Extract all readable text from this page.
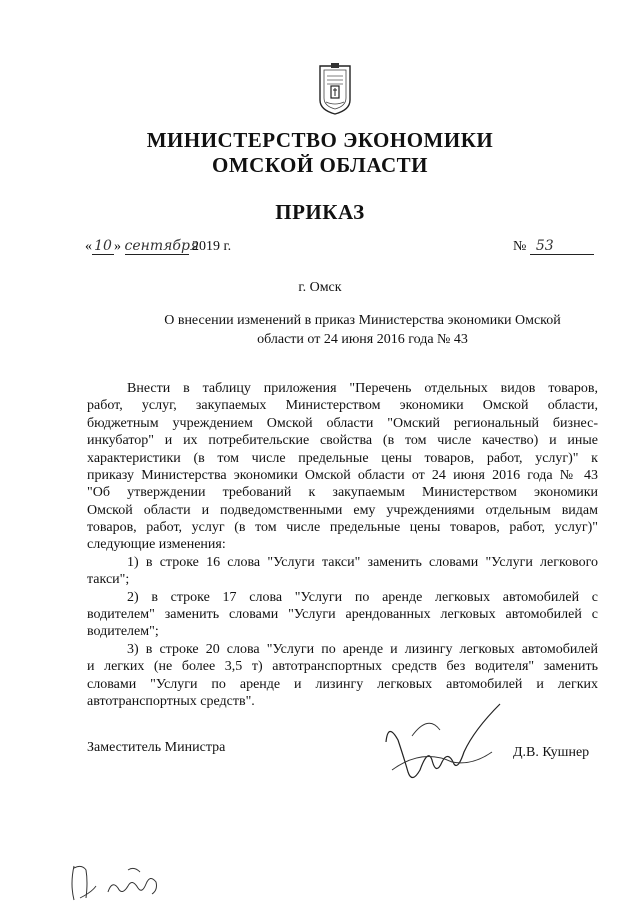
МИНИСТЕРСТВО ЭКОНОМИКИ
ОМСКОЙ ОБЛАСТИ
ПРИКАЗ
« 10 » сентября 2019 г.	№ 53
г. Омск
О внесении изменений в приказ Министерства экономики Омской
области от 24 июня 2016 года № 43
Внести в таблицу приложения "Перечень отдельных видов товаров,
работ, услуг, закупаемых Министерством экономики Омской области,
бюджетным учреждением Омской области "Омский региональный бизнес-
инкубатор" и их потребительские свойства (в том числе качество) и иные
характеристики (в том числе предельные цены товаров, работ, услуг)" к
приказу Министерства экономики Омской области от 24 июня 2016 года № 43
"Об утверждении требований к закупаемым Министерством экономики
Омской области и подведомственными ему учреждениями отдельным видам
товаров, работ, услуг (в том числе предельные цены товаров, работ, услуг)"
следующие изменения:
1) в строке 16 слова "Услуги такси" заменить словами "Услуги легкового
такси";
2) в строке 17 слова "Услуги по аренде легковых автомобилей с
водителем" заменить словами "Услуги арендованных легковых автомобилей с
водителем";
3) в строке 20 слова "Услуги по аренде и лизингу легковых автомобилей
и легких (не более 3,5 т) автотранспортных средств без водителя" заменить
словами "Услуги по аренде и лизингу легковых автомобилей и легких
автотранспортных средств".
Заместитель Министра	Д.В. Кушнер
